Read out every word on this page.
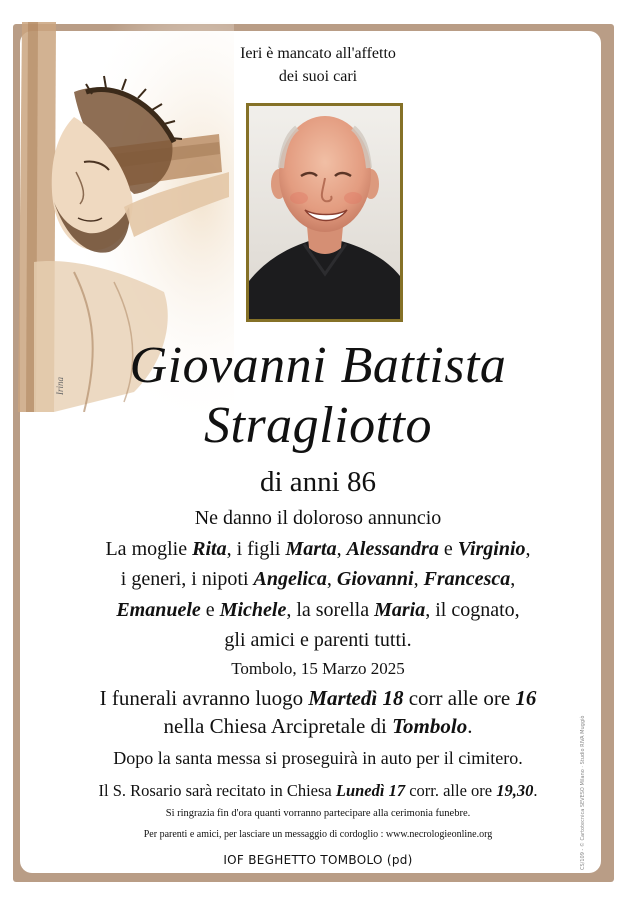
Irina
Ieri è mancato all'affetto
dei suoi cari
Giovanni Battista
Stragliotto
di anni 86
Ne danno il doloroso annuncio
La moglie Rita, i figli Marta, Alessandra e Virginio,
i generi, i nipoti Angelica, Giovanni, Francesca,
Emanuele e Michele, la sorella Maria, il cognato,
gli amici e parenti tutti.
Tombolo, 15 Marzo 2025
I funerali avranno luogo Martedì 18 corr alle ore 16
nella Chiesa Arcipretale di Tombolo.
Dopo la santa messa si proseguirà in auto per il cimitero.
Il S. Rosario sarà recitato in Chiesa Lunedì 17 corr. alle ore 19,30.
Si ringrazia fin d'ora quanti vorranno partecipare alla cerimonia funebre.
Per parenti e amici, per lasciare un messaggio di cordoglio : www.necrologieonline.org
IOF BEGHETTO TOMBOLO (pd)	CS/109 - © Cartotecnica SEVESO Milano · Studio RIVA Muggiò
